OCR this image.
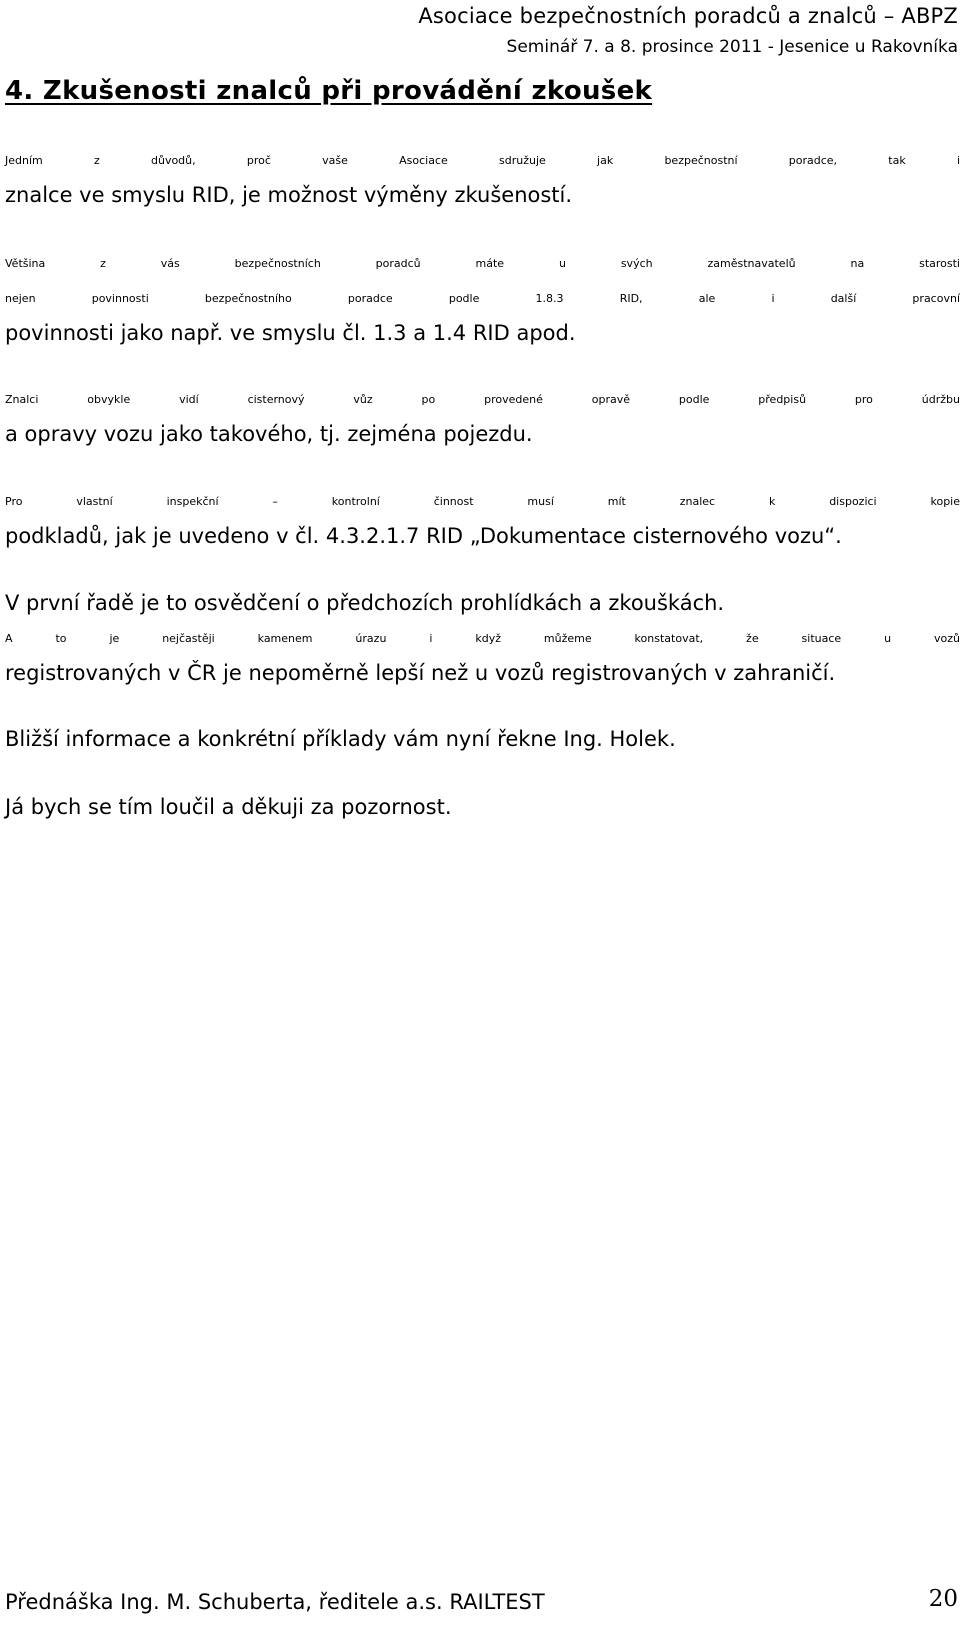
Asociace bezpečnostních poradců a znalců – ABPZ
Seminář 7. a 8. prosince 2011 - Jesenice u Rakovníka
4. Zkušenosti znalců při provádění zkoušek
Jedním z důvodů, proč vaše Asociace sdružuje jak bezpečnostní poradce, tak i
znalce ve smyslu RID, je možnost výměny zkušeností.
Většina z vás bezpečnostních poradců máte u svých zaměstnavatelů na starosti
nejen povinnosti bezpečnostního poradce podle 1.8.3 RID, ale i další pracovní
povinnosti jako např. ve smyslu čl. 1.3 a 1.4 RID apod.
Znalci obvykle vidí cisternový vůz po provedené opravě podle předpisů pro údržbu
a opravy vozu jako takového, tj. zejména pojezdu.
Pro vlastní inspekční – kontrolní činnost musí mít znalec k dispozici kopie
podkladů, jak je uvedeno v čl. 4.3.2.1.7 RID „Dokumentace cisternového vozu“.
V první řadě je to osvědčení o předchozích prohlídkách a zkouškách.
A to je nejčastěji kamenem úrazu i když můžeme konstatovat, že situace u vozů
registrovaných v ČR je nepoměrně lepší než u vozů registrovaných v zahraničí.
Bližší informace a konkrétní příklady vám nyní řekne Ing. Holek.
Já bych se tím loučil a děkuji za pozornost.
Přednáška Ing. M. Schuberta, ředitele a.s. RAILTEST	20
